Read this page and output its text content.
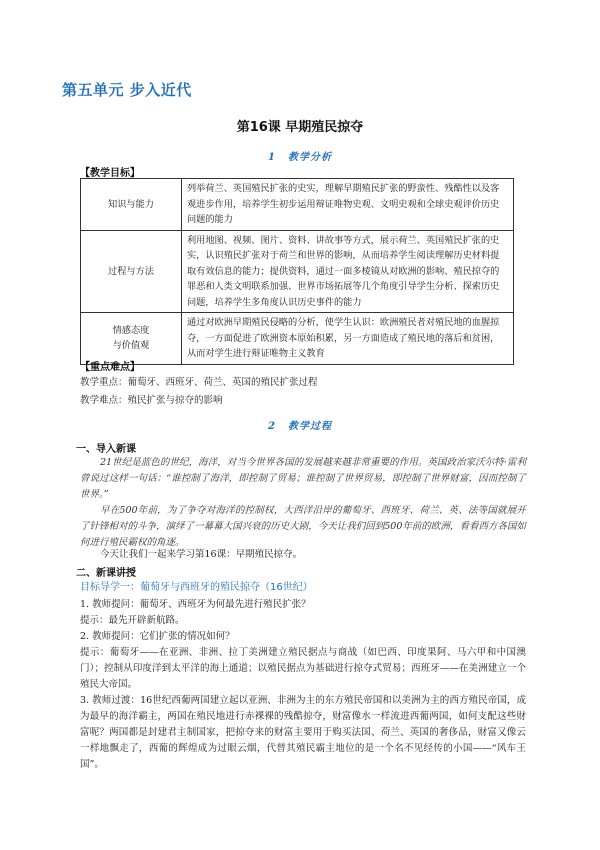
第五单元 步入近代
第16课 早期殖民掠夺
1 教学分析
【教学目标】
知识与能力	列举荷兰、英国殖民扩张的史实，理解早期殖民扩张的野蛮性、残酷性以及客观进步作用，培养学生初步运用辩证唯物史观、文明史观和全球史观评价历史问题的能力
过程与方法	利用地图、视频、图片、资料、讲故事等方式，展示荷兰、英国殖民扩张的史实，认识殖民扩张对于荷兰和世界的影响，从而培养学生阅读理解历史材料提取有效信息的能力；提供资料，通过一面多棱镜从对欧洲的影响、殖民掠夺的罪恶和人类文明联系加强、世界市场拓展等几个角度引导学生分析、探索历史问题，培养学生多角度认识历史事件的能力
情感态度
与价值观	通过对欧洲早期殖民侵略的分析，使学生认识：欧洲殖民者对殖民地的血腥掠夺，一方面促进了欧洲资本原始积累，另一方面造成了殖民地的落后和贫困，从而对学生进行辩证唯物主义教育
【重点难点】
教学重点：葡萄牙、西班牙、荷兰、英国的殖民扩张过程
教学难点：殖民扩张与掠夺的影响
2 教学过程
一、导入新课
21世纪是蓝色的世纪，海洋，对当今世界各国的发展越来越非常重要的作用。英国政治家沃尔特·雷利曾说过这样一句话：“谁控制了海洋，即控制了贸易；谁控制了世界贸易，即控制了世界财富，因而控制了世界。”
早在500年前，为了争夺对海洋的控制权，大西洋沿岸的葡萄牙、西班牙、荷兰、英、法等国就展开了针锋相对的斗争，演绎了一幕幕大国兴衰的历史大剧，今天让我们回到500年前的欧洲，看看西方各国如何进行殖民霸权的角逐。
今天让我们一起来学习第16课：早期殖民掠夺。
二、新课讲授
目标导学一：葡萄牙与西班牙的殖民掠夺（16世纪）
1. 教师提问：葡萄牙、西班牙为何最先进行殖民扩张？
提示：最先开辟新航路。
2. 教师提问：它们扩张的情况如何？
提示：葡萄牙——在亚洲、非洲、拉丁美洲建立殖民据点与商战（如巴西、印度果阿、马六甲和中国澳门）；控制从印度洋到太平洋的海上通道；以殖民据点为基础进行掠夺式贸易；西班牙——在美洲建立一个殖民大帝国。
3. 教师过渡：16世纪西葡两国建立起以亚洲、非洲为主的东方殖民帝国和以美洲为主的西方殖民帝国，成为最早的海洋霸主，两国在殖民地进行赤裸裸的残酷掠夺，财富像水一样流进西葡两国，如何支配这些财富呢？两国都是封建君主制国家，把掠夺来的财富主要用于购买法国、荷兰、英国的奢侈品，财富又像云一样地飘走了，西葡的辉煌成为过眼云烟，代替其殖民霸主地位的是一个名不见经传的小国——“风车王国”。
